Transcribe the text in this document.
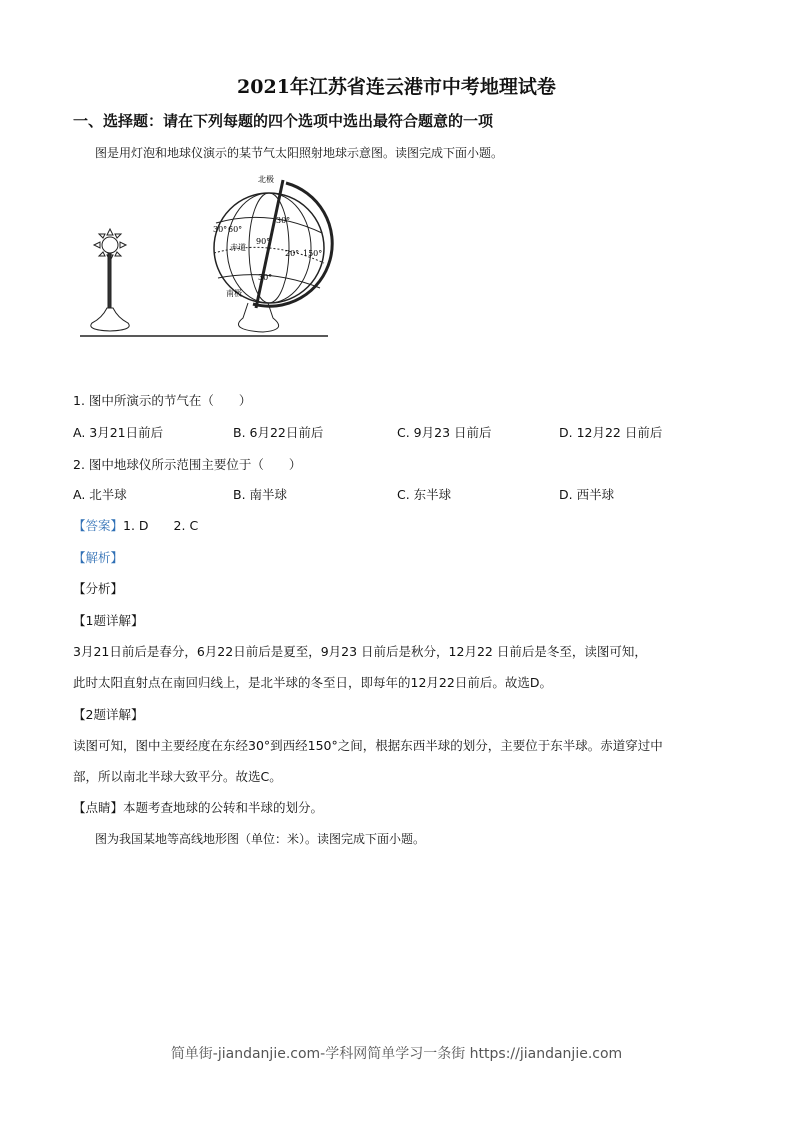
2021年江苏省连云港市中考地理试卷
一、选择题：请在下列每题的四个选项中选出最符合题意的一项
图是用灯泡和地球仪演示的某节气太阳照射地球示意图。读图完成下面小题。
北极
南极
赤道
30°
60°
30°
90°
20° 150°
30°
1. 图中所演示的节气在（　　）
A. 3月21日前后	B. 6月22日前后	C. 9月23 日前后	D. 12月22 日前后
2. 图中地球仪所示范围主要位于（　　）
A. 北半球	B. 南半球	C. 东半球	D. 西半球
【答案】1. D　　2. C
【解析】
【分析】
【1题详解】
3月21日前后是春分，6月22日前后是夏至，9月23 日前后是秋分，12月22 日前后是冬至，读图可知，
此时太阳直射点在南回归线上，是北半球的冬至日，即每年的12月22日前后。故选D。
【2题详解】
读图可知，图中主要经度在东经30°到西经150°之间，根据东西半球的划分，主要位于东半球。赤道穿过中
部，所以南北半球大致平分。故选C。
【点睛】本题考查地球的公转和半球的划分。
图为我国某地等高线地形图（单位：米）。读图完成下面小题。
简单街-jiandanjie.com-学科网简单学习一条街 https://jiandanjie.com
